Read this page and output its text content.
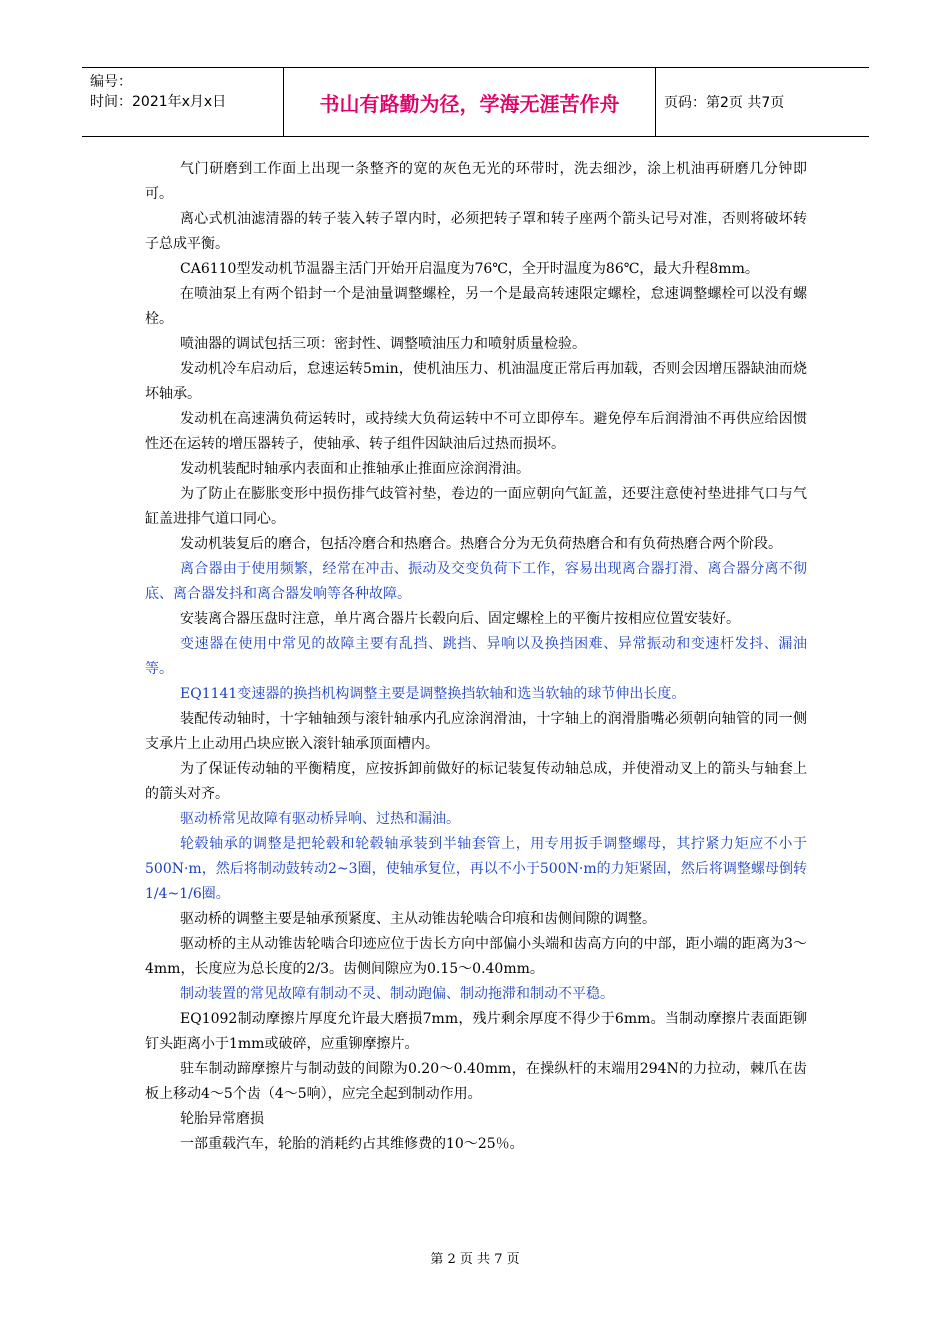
编号：
时间：2021年x月x日	书山有路勤为径，学海无涯苦作舟	页码：第2页 共7页

气门研磨到工作面上出现一条整齐的宽的灰色无光的环带时，洗去细沙，涂上机油再研磨几分钟即可。

离心式机油滤清器的转子装入转子罩内时，必须把转子罩和转子座两个箭头记号对准，否则将破坏转子总成平衡。

CA6110型发动机节温器主活门开始开启温度为76℃，全开时温度为86℃，最大升程8mm。

在喷油泵上有两个铅封一个是油量调整螺栓，另一个是最高转速限定螺栓，怠速调整螺栓可以没有螺栓。

喷油器的调试包括三项：密封性、调整喷油压力和喷射质量检验。

发动机冷车启动后，怠速运转5min，使机油压力、机油温度正常后再加载，否则会因增压器缺油而烧坏轴承。

发动机在高速满负荷运转时，或持续大负荷运转中不可立即停车。避免停车后润滑油不再供应给因惯性还在运转的增压器转子，使轴承、转子组件因缺油后过热而损坏。

发动机装配时轴承内表面和止推轴承止推面应涂润滑油。

为了防止在膨胀变形中损伤排气歧管衬垫，卷边的一面应朝向气缸盖，还要注意使衬垫进排气口与气缸盖进排气道口同心。

发动机装复后的磨合，包括冷磨合和热磨合。热磨合分为无负荷热磨合和有负荷热磨合两个阶段。

离合器由于使用频繁，经常在冲击、振动及交变负荷下工作，容易出现离合器打滑、离合器分离不彻底、离合器发抖和离合器发响等各种故障。

安装离合器压盘时注意，单片离合器片长毂向后、固定螺栓上的平衡片按相应位置安装好。

变速器在使用中常见的故障主要有乱挡、跳挡、异响以及换挡困难、异常振动和变速杆发抖、漏油等。

EQ1141变速器的换挡机构调整主要是调整换挡软轴和选当软轴的球节伸出长度。

装配传动轴时，十字轴轴颈与滚针轴承内孔应涂润滑油，十字轴上的润滑脂嘴必须朝向轴管的同一侧支承片上止动用凸块应嵌入滚针轴承顶面槽内。

为了保证传动轴的平衡精度，应按拆卸前做好的标记装复传动轴总成，并使滑动叉上的箭头与轴套上的箭头对齐。

驱动桥常见故障有驱动桥异响、过热和漏油。

轮毂轴承的调整是把轮毂和轮毂轴承装到半轴套管上，用专用扳手调整螺母，其拧紧力矩应不小于500N·m，然后将制动鼓转动2~3圈，使轴承复位，再以不小于500N·m的力矩紧固，然后将调整螺母倒转1/4~1/6圈。

驱动桥的调整主要是轴承预紧度、主从动锥齿轮啮合印痕和齿侧间隙的调整。

驱动桥的主从动锥齿轮啮合印迹应位于齿长方向中部偏小头端和齿高方向的中部，距小端的距离为3～4mm，长度应为总长度的2/3。齿侧间隙应为0.15～0.40mm。

制动装置的常见故障有制动不灵、制动跑偏、制动拖滞和制动不平稳。

EQ1092制动摩擦片厚度允许最大磨损7mm，残片剩余厚度不得少于6mm。当制动摩擦片表面距铆钉头距离小于1mm或破碎，应重铆摩擦片。

驻车制动蹄摩擦片与制动鼓的间隙为0.20～0.40mm，在操纵杆的末端用294N的力拉动，棘爪在齿板上移动4～5个齿（4～5响），应完全起到制动作用。

轮胎异常磨损

一部重载汽车，轮胎的消耗约占其维修费的10～25％。

第 2 页 共 7 页
